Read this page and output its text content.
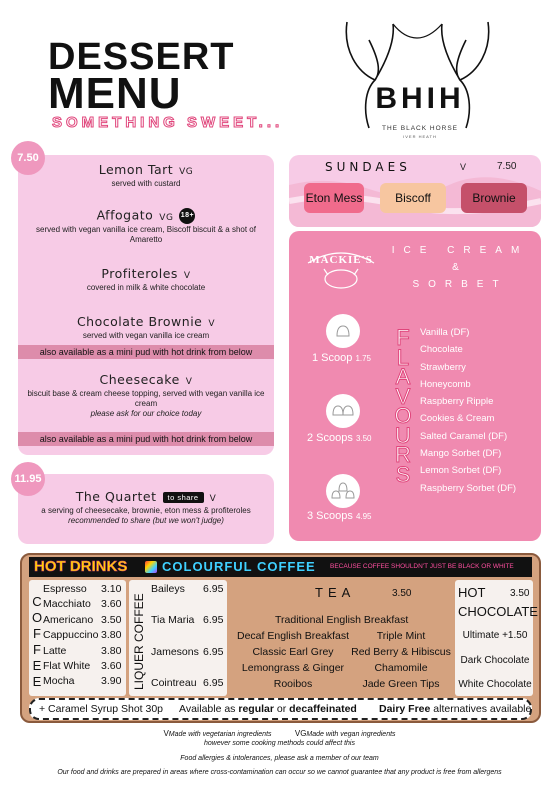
DESSERT
MENU
SOMETHING SWEET...
BHIH
THE BLACK HORSE
IVER HEATH
Lemon Tart VG
served with custard
Affogato VG 18+
served with vegan vanilla ice cream, Biscoff biscuit & a shot of Amaretto
Profiteroles V
covered in milk & white chocolate
Chocolate Brownie V
served with vegan vanilla ice cream
also available as a mini pud with hot drink from below
Cheesecake V
biscuit base & cream cheese topping, served with vegan vanilla ice cream
please ask for our choice today
also available as a mini pud with hot drink from below
7.50
The Quartet to share V
a serving of cheesecake, brownie, eton mess & profiteroles
recommended to share (but we won't judge)
11.95
SUNDAES	V	7.50
Eton Mess	Biscoff	Brownie
MACKIE'S
ICE CREAM
&
SORBET
1 Scoop 1.75
2 Scoops 3.50
3 Scoops 4.95
F
L
A
V
O
U
R
S
Vanilla (DF)
Chocolate
Strawberry
Honeycomb
Raspberry Ripple
Cookies & Cream
Salted Caramel (DF)
Mango Sorbet (DF)
Lemon Sorbet (DF)
Raspberry Sorbet (DF)
HOT DRINKS	COLOURFUL COFFEE BECAUSE COFFEE SHOULDN'T JUST BE BLACK OR WHITE
C
O
F
F
E
E
Espresso 3.10
Macchiato 3.60
Americano 3.50
Cappuccino 3.80
Latte	3.80
Flat White 3.60
Mocha	3.90
Baileys 6.95
Tia Maria 6.95
Jamesons 6.95
Cointreau 6.95
TEA	3.50
Traditional English Breakfast
Decaf English Breakfast
Classic Earl Grey
Lemongrass & Ginger
Rooibos
Triple Mint
Red Berry & Hibiscus
Chamomile
Jade Green Tips
HOT 3.50
CHOCOLATE
Ultimate +1.50
Dark Chocolate
White Chocolate
+ Caramel Syrup Shot 30p Available as regular or decaffeinated Dairy Free alternatives available
VMade with vegetarian ingredients	VGMade with vegan ingredients
however some cooking methods could affect this
Food allergies & intolerances, please ask a member of our team
Our food and drinks are prepared in areas where cross-contamination can occur so we cannot guarantee that any product is free from allergens
